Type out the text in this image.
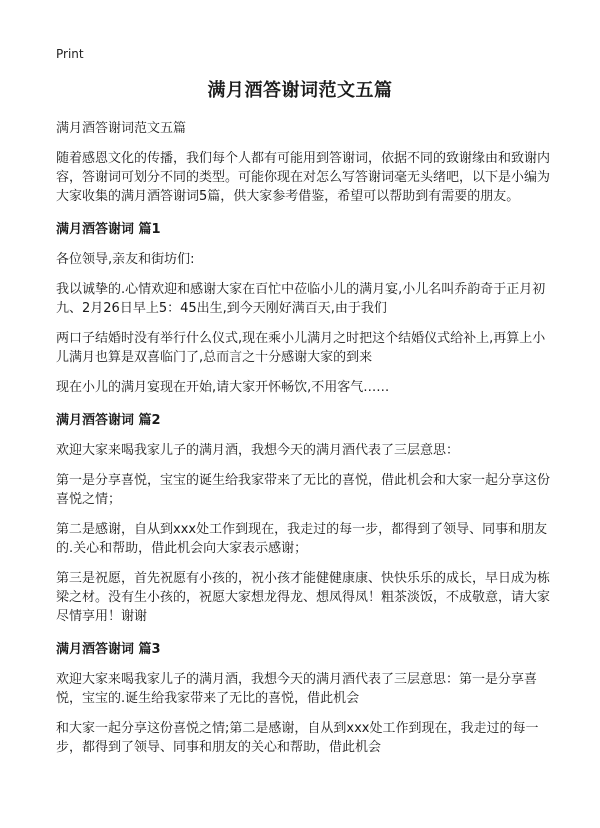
Print
满月酒答谢词范文五篇
满月酒答谢词范文五篇

随着感恩文化的传播，我们每个人都有可能用到答谢词，依据不同的致谢缘由和致谢内容，答谢词可划分不同的类型。可能你现在对怎么写答谢词毫无头绪吧，以下是小编为大家收集的满月酒答谢词5篇，供大家参考借鉴，希望可以帮助到有需要的朋友。

满月酒答谢词 篇1

各位领导,亲友和街坊们:

我以诚挚的.心情欢迎和感谢大家在百忙中莅临小儿的满月宴,小儿名叫乔韵奇于正月初九、2月26日早上5：45出生,到今天刚好满百天,由于我们

两口子结婚时没有举行什么仪式,现在乘小儿满月之时把这个结婚仪式给补上,再算上小儿满月也算是双喜临门了,总而言之十分感谢大家的到来

现在小儿的满月宴现在开始,请大家开怀畅饮,不用客气……

满月酒答谢词 篇2

欢迎大家来喝我家儿子的满月酒，我想今天的满月酒代表了三层意思：

第一是分享喜悦，宝宝的诞生给我家带来了无比的喜悦，借此机会和大家一起分享这份喜悦之情；

第二是感谢，自从到xxx处工作到现在，我走过的每一步，都得到了领导、同事和朋友的.关心和帮助，借此机会向大家表示感谢；

第三是祝愿，首先祝愿有小孩的，祝小孩才能健健康康、快快乐乐的成长，早日成为栋梁之材。没有生小孩的，祝愿大家想龙得龙、想凤得凤！粗茶淡饭，不成敬意，请大家尽情享用！谢谢

满月酒答谢词 篇3

欢迎大家来喝我家儿子的满月酒，我想今天的满月酒代表了三层意思：第一是分享喜悦，宝宝的.诞生给我家带来了无比的喜悦，借此机会

和大家一起分享这份喜悦之情;第二是感谢，自从到xxx处工作到现在，我走过的每一步，都得到了领导、同事和朋友的关心和帮助，借此机会
